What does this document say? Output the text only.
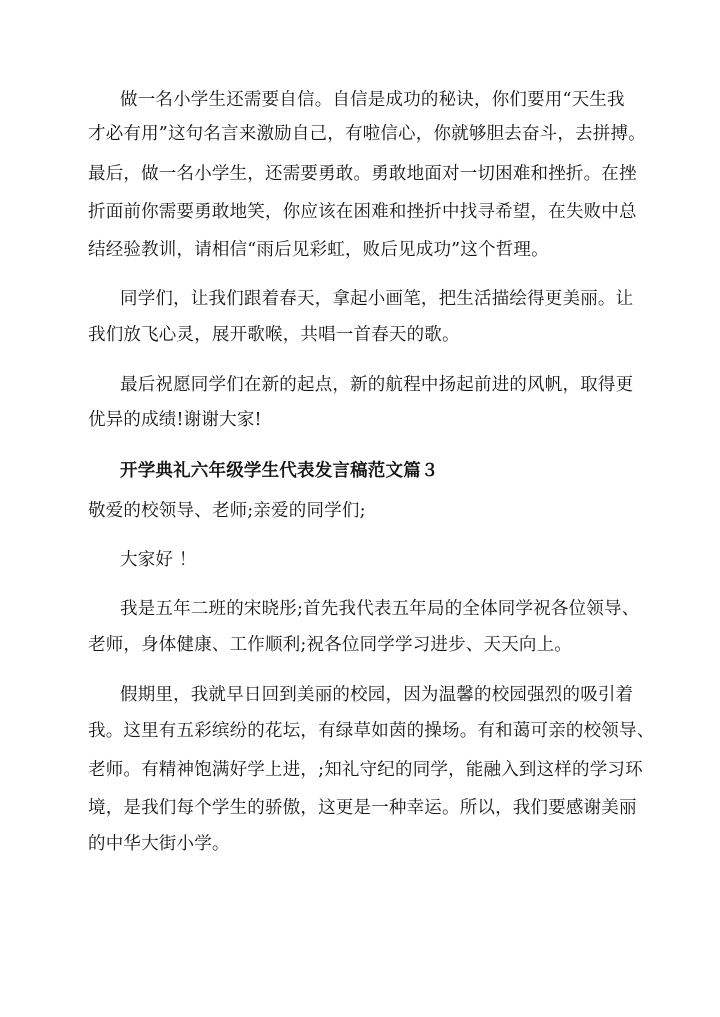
做一名小学生还需要自信。自信是成功的秘诀，你们要用“天生我
才必有用”这句名言来激励自己，有啦信心，你就够胆去奋斗，去拼搏。
最后，做一名小学生，还需要勇敢。勇敢地面对一切困难和挫折。在挫
折面前你需要勇敢地笑，你应该在困难和挫折中找寻希望，在失败中总
结经验教训，请相信“雨后见彩虹，败后见成功”这个哲理。
同学们，让我们跟着春天，拿起小画笔，把生活描绘得更美丽。让
我们放飞心灵，展开歌喉，共唱一首春天的歌。
最后祝愿同学们在新的起点，新的航程中扬起前进的风帆，取得更
优异的成绩!谢谢大家!
开学典礼六年级学生代表发言稿范文篇３
敬爱的校领导、老师;亲爱的同学们;
大家好 ！
我是五年二班的宋晓彤;首先我代表五年局的全体同学祝各位领导、
老师，身体健康、工作顺利;祝各位同学学习进步、天天向上。
假期里，我就早日回到美丽的校园，因为温馨的校园强烈的吸引着
我。这里有五彩缤纷的花坛，有绿草如茵的操场。有和蔼可亲的校领导、
老师。有精神饱满好学上进，;知礼守纪的同学，能融入到这样的学习环
境，是我们每个学生的骄傲，这更是一种幸运。所以，我们要感谢美丽
的中华大街小学。
